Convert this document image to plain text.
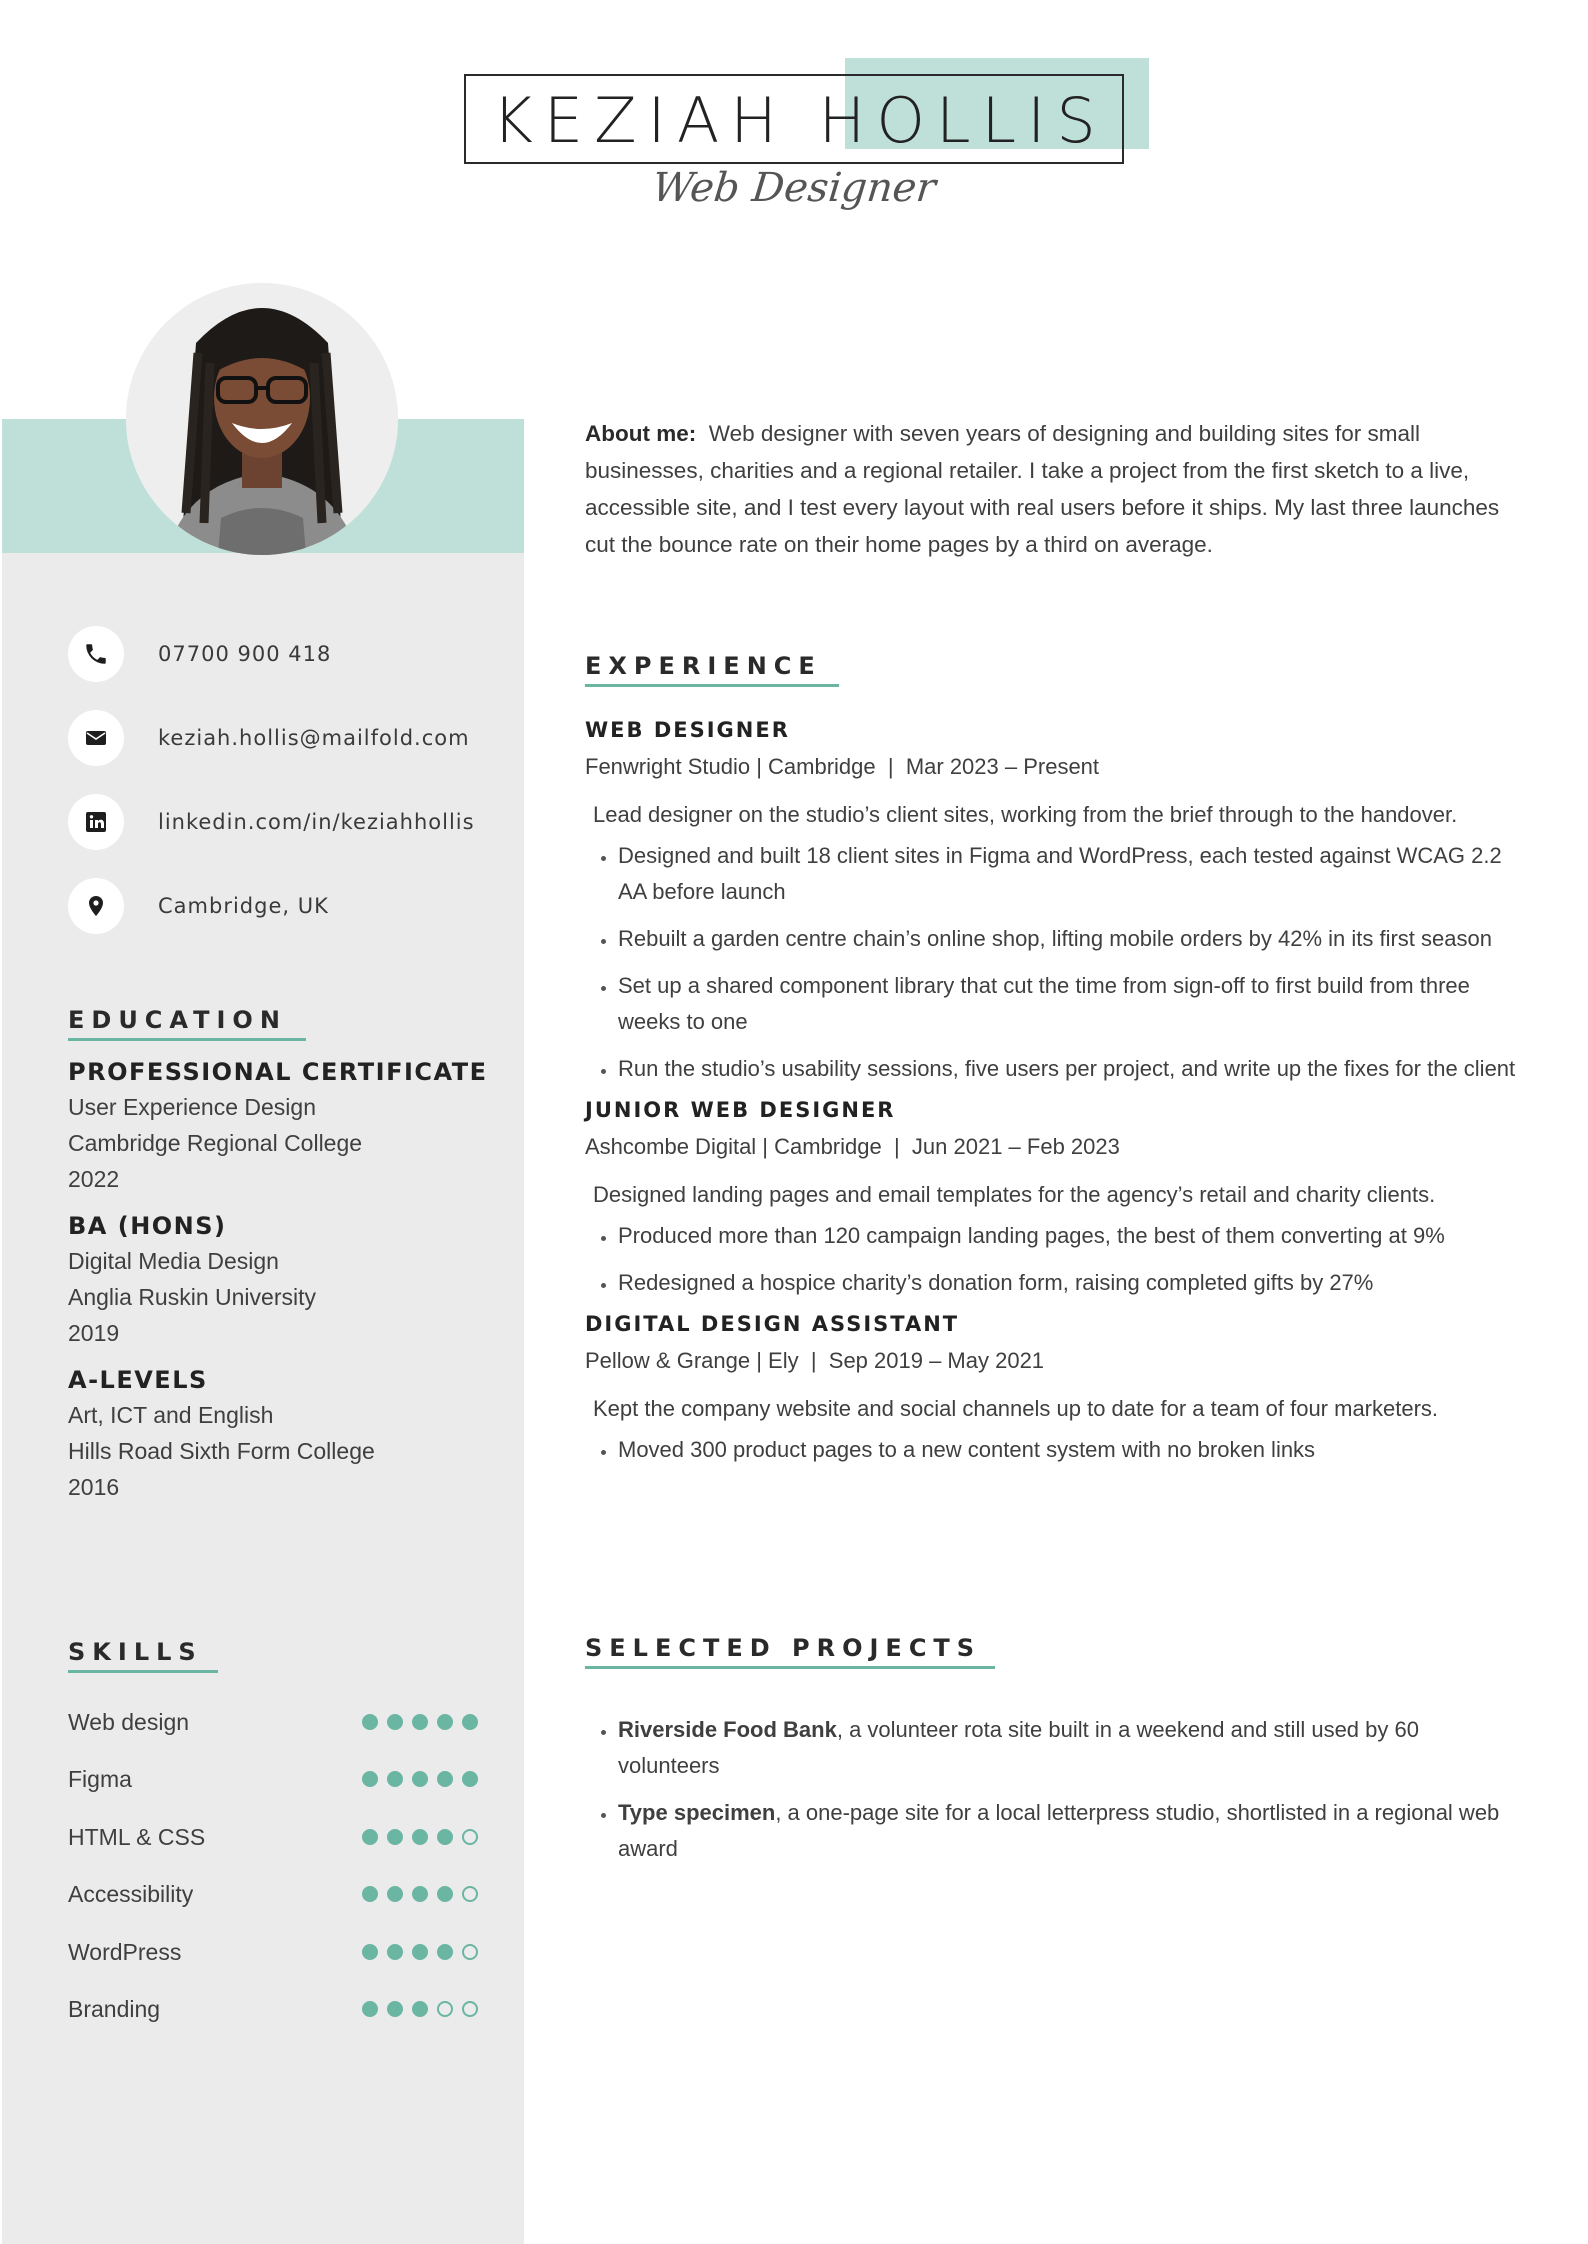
KEZIAH HOLLIS
Web Designer
07700 900 418
keziah.hollis@mailfold.com
linkedin.com/in/keziahhollis
Cambridge, UK
EDUCATION
PROFESSIONAL CERTIFICATE
User Experience Design
Cambridge Regional College
2022
BA (HONS)
Digital Media Design
Anglia Ruskin University
2019
A-LEVELS
Art, ICT and English
Hills Road Sixth Form College
2016
SKILLS
Web design
Figma
HTML & CSS
Accessibility
WordPress
Branding
About me: Web designer with seven years of designing and building sites for small businesses, charities and a regional retailer. I take a project from the first sketch to a live, accessible site, and I test every layout with real users before it ships. My last three launches cut the bounce rate on their home pages by a third on average.
EXPERIENCE
WEB DESIGNER
Fenwright Studio | Cambridge  |  Mar 2023 – Present
Lead designer on the studio’s client sites, working from the brief through to the handover.
• Designed and built 18 client sites in Figma and WordPress, each tested against WCAG 2.2 AA before launch
• Rebuilt a garden centre chain’s online shop, lifting mobile orders by 42% in its first season
• Set up a shared component library that cut the time from sign-off to first build from three weeks to one
• Run the studio’s usability sessions, five users per project, and write up the fixes for the client
JUNIOR WEB DESIGNER
Ashcombe Digital | Cambridge  |  Jun 2021 – Feb 2023
Designed landing pages and email templates for the agency’s retail and charity clients.
• Produced more than 120 campaign landing pages, the best of them converting at 9%
• Redesigned a hospice charity’s donation form, raising completed gifts by 27%
DIGITAL DESIGN ASSISTANT
Pellow & Grange | Ely  |  Sep 2019 – May 2021
Kept the company website and social channels up to date for a team of four marketers.
• Moved 300 product pages to a new content system with no broken links
SELECTED PROJECTS
• Riverside Food Bank, a volunteer rota site built in a weekend and still used by 60 volunteers
• Type specimen, a one-page site for a local letterpress studio, shortlisted in a regional web award
